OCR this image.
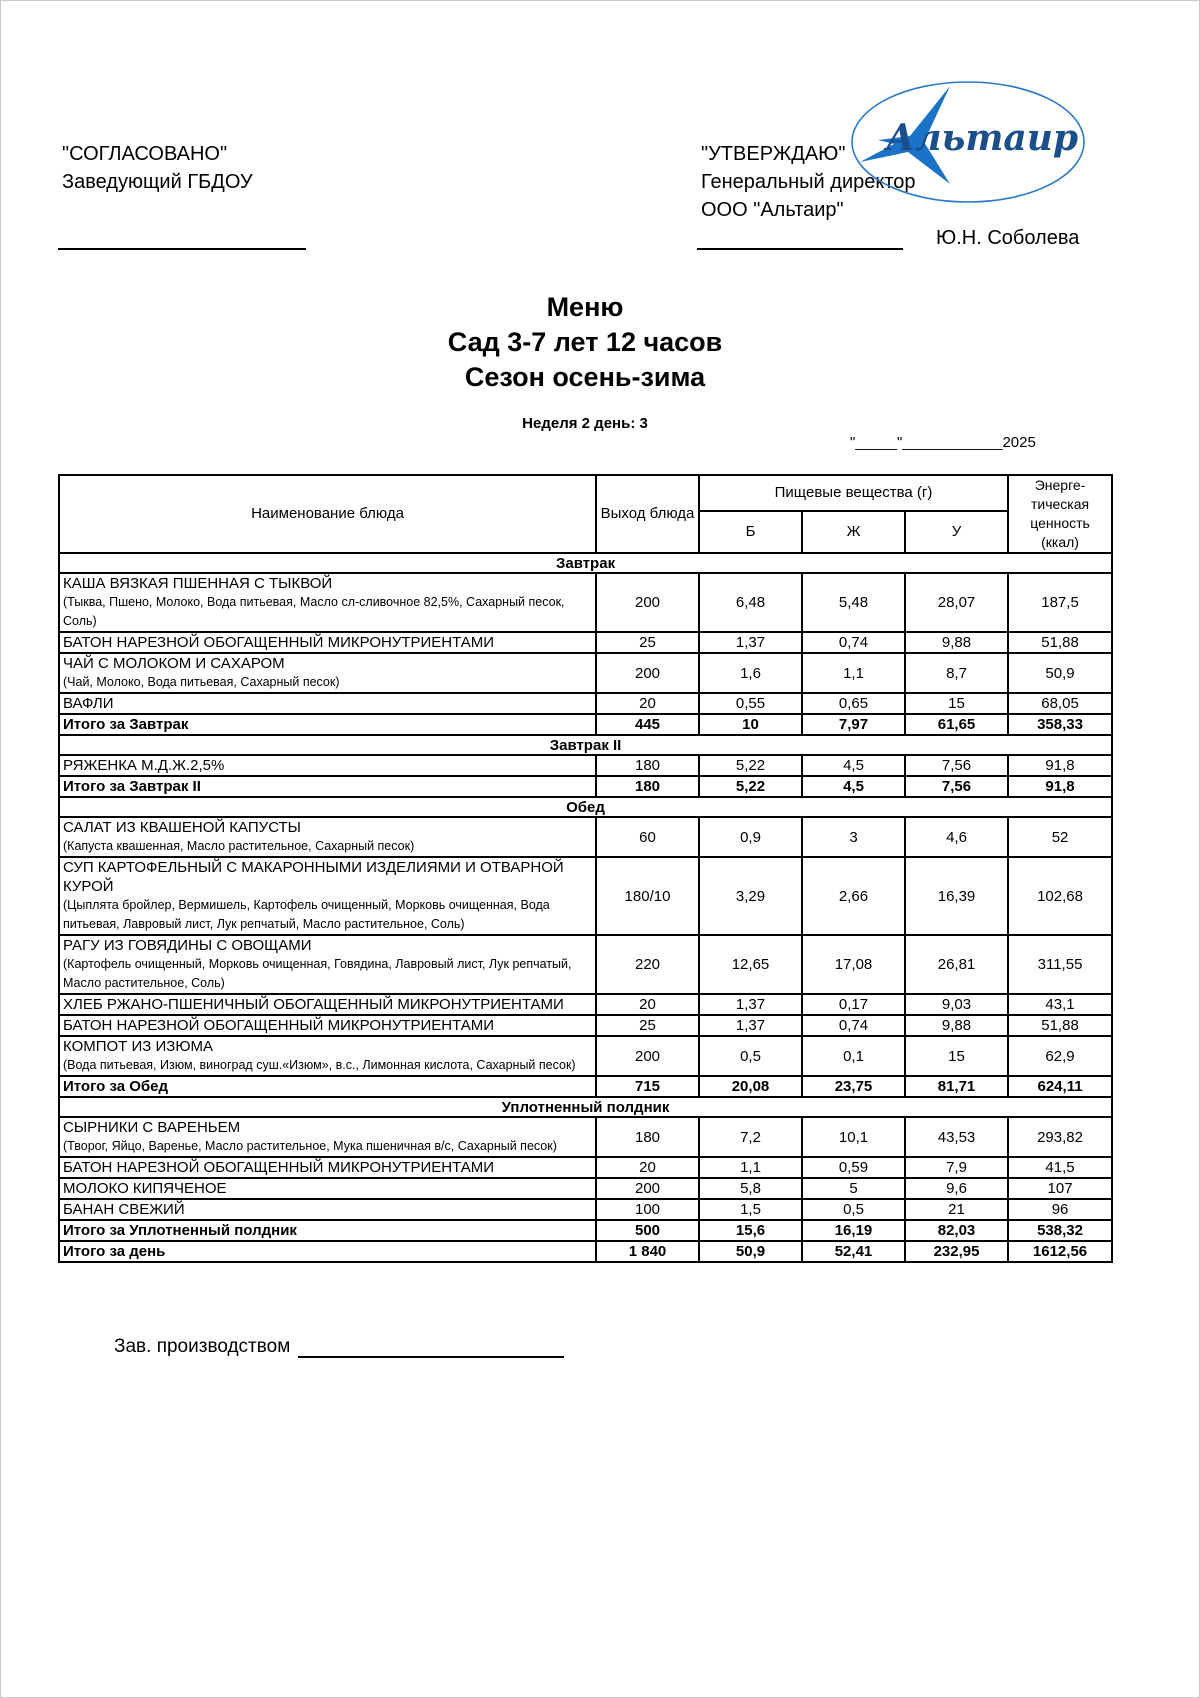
"СОГЛАСОВАНО"
Заведующий ГБДОУ
"УТВЕРЖДАЮ"
Генеральный директор
ООО "Альтаир"
Ю.Н. Соболева
Альтаир
Меню
Сад 3-7 лет 12 часов
Сезон осень-зима
Неделя 2 день: 3
"_____"____________2025
Наименование блюда	Выход блюда	Пищевые вещества (г)			Энерге-тическая ценность (ккал)
		Б	Ж	У	
Завтрак					

КАША ВЯЗКАЯ ПШЕННАЯ С ТЫКВОЙ
(Тыква, Пшено, Молоко, Вода питьевая, Масло сл-сливочное 82,5%, Сахарный песок, Соль)	200	6,48	5,48	28,07	187,5

БАТОН НАРЕЗНОЙ ОБОГАЩЕННЫЙ МИКРОНУТРИЕНТАМИ	25	1,37	0,74	9,88	51,88

ЧАЙ С МОЛОКОМ И САХАРОМ
(Чай, Молоко, Вода питьевая, Сахарный песок)	200	1,6	1,1	8,7	50,9

ВАФЛИ	20	0,55	0,65	15	68,05
Итого за Завтрак	445	10	7,97	61,65	358,33
Завтрак II					

РЯЖЕНКА М.Д.Ж.2,5%	180	5,22	4,5	7,56	91,8
Итого за Завтрак II	180	5,22	4,5	7,56	91,8
Обед					

САЛАТ ИЗ КВАШЕНОЙ КАПУСТЫ
(Капуста квашенная, Масло растительное, Сахарный песок)	60	0,9	3	4,6	52

СУП КАРТОФЕЛЬНЫЙ С МАКАРОННЫМИ ИЗДЕЛИЯМИ И ОТВАРНОЙ КУРОЙ
(Цыплята бройлер, Вермишель, Картофель очищенный, Морковь очищенная, Вода питьевая, Лавровый лист, Лук репчатый, Масло растительное, Соль)	180/10	3,29	2,66	16,39	102,68

РАГУ ИЗ ГОВЯДИНЫ С ОВОЩАМИ
(Картофель очищенный, Морковь очищенная, Говядина, Лавровый лист, Лук репчатый, Масло растительное, Соль)	220	12,65	17,08	26,81	311,55

ХЛЕБ РЖАНО-ПШЕНИЧНЫЙ ОБОГАЩЕННЫЙ МИКРОНУТРИЕНТАМИ	20	1,37	0,17	9,03	43,1

БАТОН НАРЕЗНОЙ ОБОГАЩЕННЫЙ МИКРОНУТРИЕНТАМИ	25	1,37	0,74	9,88	51,88

КОМПОТ ИЗ ИЗЮМА
(Вода питьевая, Изюм, виноград суш.«Изюм», в.с., Лимонная кислота, Сахарный песок)	200	0,5	0,1	15	62,9
Итого за Обед	715	20,08	23,75	81,71	624,11
Уплотненный полдник					

СЫРНИКИ С ВАРЕНЬЕМ
(Творог, Яйцо, Варенье, Масло растительное, Мука пшеничная в/с, Сахарный песок)	180	7,2	10,1	43,53	293,82

БАТОН НАРЕЗНОЙ ОБОГАЩЕННЫЙ МИКРОНУТРИЕНТАМИ	20	1,1	0,59	7,9	41,5

МОЛОКО КИПЯЧЕНОЕ	200	5,8	5	9,6	107

БАНАН СВЕЖИЙ	100	1,5	0,5	21	96
Итого за Уплотненный полдник	500	15,6	16,19	82,03	538,32
Итого за день	1 840	50,9	52,41	232,95	1612,56
Зав. производством
